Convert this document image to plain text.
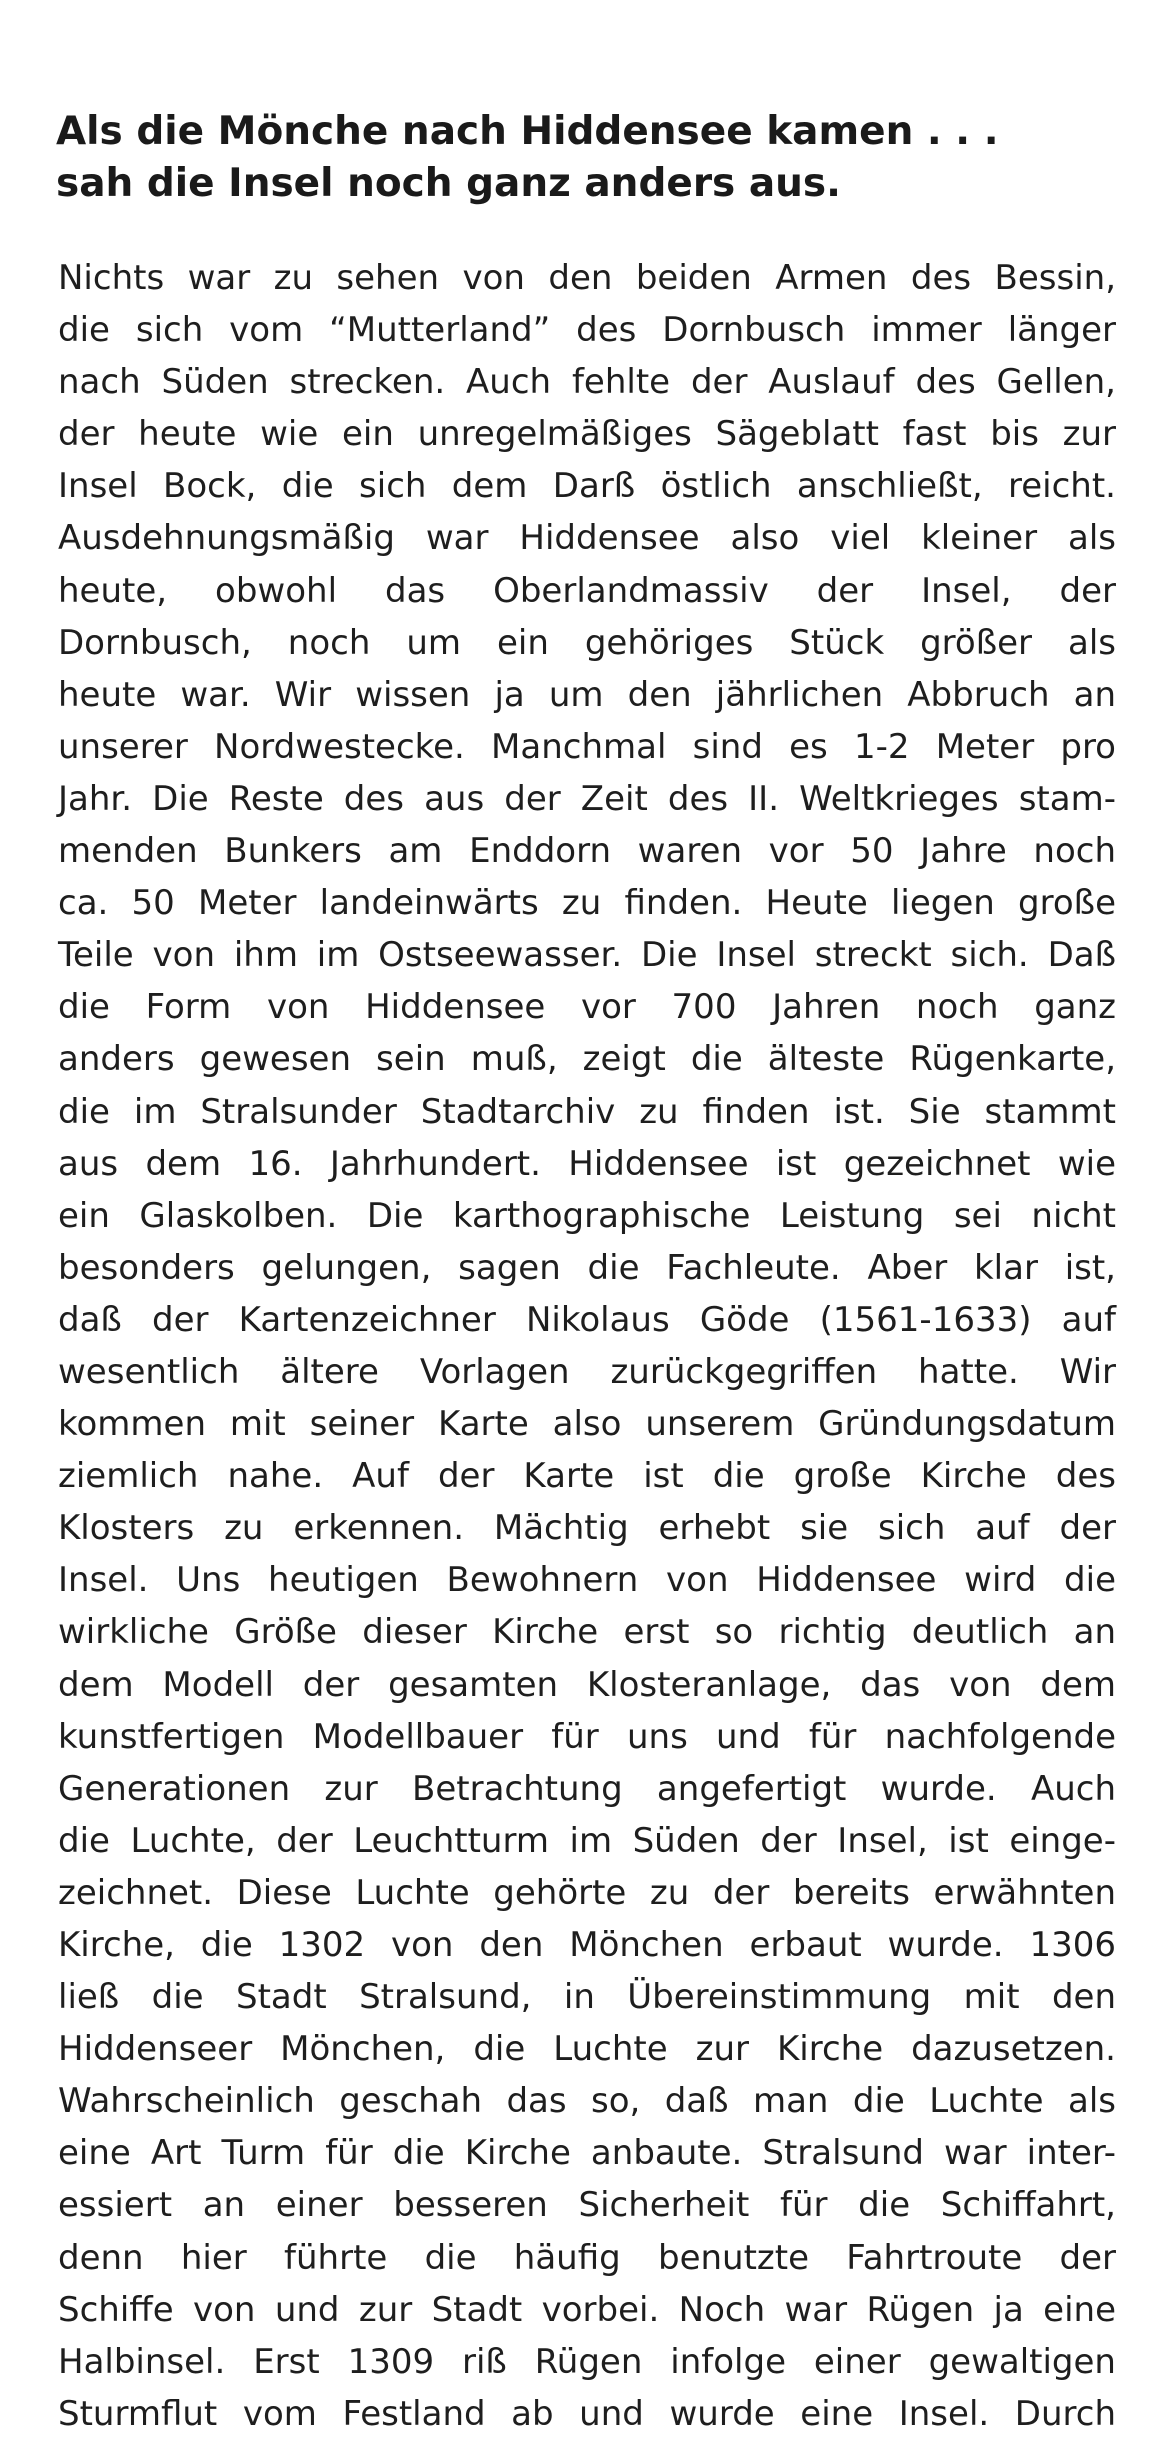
Als die Mönche nach Hiddensee kamen . . .
sah die Insel noch ganz anders aus.
Nichts war zu sehen von den beiden Armen des Bessin,
die sich vom “Mutterland” des Dornbusch immer länger
nach Süden strecken. Auch fehlte der Auslauf des Gellen,
der heute wie ein unregelmäßiges Sägeblatt fast bis zur
Insel Bock, die sich dem Darß östlich anschließt, reicht.
Ausdehnungsmäßig war Hiddensee also viel kleiner als
heute, obwohl das Oberlandmassiv der Insel, der
Dornbusch, noch um ein gehöriges Stück größer als
heute war. Wir wissen ja um den jährlichen Abbruch an
unserer Nordwestecke. Manchmal sind es 1-2 Meter pro
Jahr. Die Reste des aus der Zeit des II. Weltkrieges stam-
menden Bunkers am Enddorn waren vor 50 Jahre noch
ca. 50 Meter landeinwärts zu finden. Heute liegen große
Teile von ihm im Ostseewasser. Die Insel streckt sich. Daß
die Form von Hiddensee vor 700 Jahren noch ganz
anders gewesen sein muß, zeigt die älteste Rügenkarte,
die im Stralsunder Stadtarchiv zu finden ist. Sie stammt
aus dem 16. Jahrhundert. Hiddensee ist gezeichnet wie
ein Glaskolben. Die karthographische Leistung sei nicht
besonders gelungen, sagen die Fachleute. Aber klar ist,
daß der Kartenzeichner Nikolaus Göde (1561-1633) auf
wesentlich ältere Vorlagen zurückgegriffen hatte. Wir
kommen mit seiner Karte also unserem Gründungsdatum
ziemlich nahe. Auf der Karte ist die große Kirche des
Klosters zu erkennen. Mächtig erhebt sie sich auf der
Insel. Uns heutigen Bewohnern von Hiddensee wird die
wirkliche Größe dieser Kirche erst so richtig deutlich an
dem Modell der gesamten Klosteranlage, das von dem
kunstfertigen Modellbauer für uns und für nachfolgende
Generationen zur Betrachtung angefertigt wurde. Auch
die Luchte, der Leuchtturm im Süden der Insel, ist einge-
zeichnet. Diese Luchte gehörte zu der bereits erwähnten
Kirche, die 1302 von den Mönchen erbaut wurde. 1306
ließ die Stadt Stralsund, in Übereinstimmung mit den
Hiddenseer Mönchen, die Luchte zur Kirche dazusetzen.
Wahrscheinlich geschah das so, daß man die Luchte als
eine Art Turm für die Kirche anbaute. Stralsund war inter-
essiert an einer besseren Sicherheit für die Schiffahrt,
denn hier führte die häufig benutzte Fahrtroute der
Schiffe von und zur Stadt vorbei. Noch war Rügen ja eine
Halbinsel. Erst 1309 riß Rügen infolge einer gewaltigen
Sturmflut vom Festland ab und wurde eine Insel. Durch
